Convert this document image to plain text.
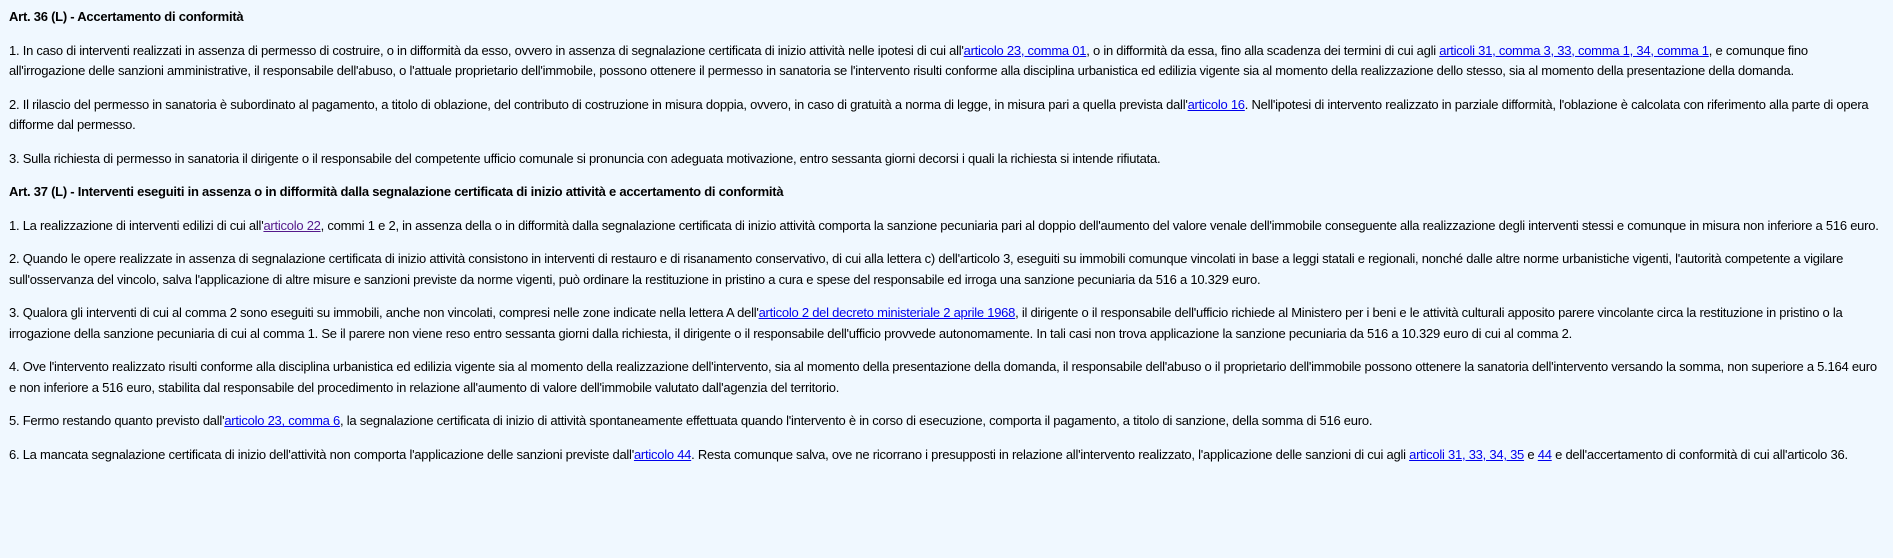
Art. 36 (L) - Accertamento di conformità

1. In caso di interventi realizzati in assenza di permesso di costruire, o in difformità da esso, ovvero in assenza di segnalazione certificata di inizio attività nelle ipotesi di cui all'articolo 23, comma 01, o in difformità da essa, fino alla scadenza dei termini di cui agli articoli 31, comma 3, 33, comma 1, 34, comma 1, e comunque fino all'irrogazione delle sanzioni amministrative, il responsabile dell'abuso, o l'attuale proprietario dell'immobile, possono ottenere il permesso in sanatoria se l'intervento risulti conforme alla disciplina urbanistica ed edilizia vigente sia al momento della realizzazione dello stesso, sia al momento della presentazione della domanda.

2. Il rilascio del permesso in sanatoria è subordinato al pagamento, a titolo di oblazione, del contributo di costruzione in misura doppia, ovvero, in caso di gratuità a norma di legge, in misura pari a quella prevista dall'articolo 16. Nell'ipotesi di intervento realizzato in parziale difformità, l'oblazione è calcolata con riferimento alla parte di opera difforme dal permesso.

3. Sulla richiesta di permesso in sanatoria il dirigente o il responsabile del competente ufficio comunale si pronuncia con adeguata motivazione, entro sessanta giorni decorsi i quali la richiesta si intende rifiutata.

Art. 37 (L) - Interventi eseguiti in assenza o in difformità dalla segnalazione certificata di inizio attività e accertamento di conformità

1. La realizzazione di interventi edilizi di cui all'articolo 22, commi 1 e 2, in assenza della o in difformità dalla segnalazione certificata di inizio attività comporta la sanzione pecuniaria pari al doppio dell'aumento del valore venale dell'immobile conseguente alla realizzazione degli interventi stessi e comunque in misura non inferiore a 516 euro.

2. Quando le opere realizzate in assenza di segnalazione certificata di inizio attività consistono in interventi di restauro e di risanamento conservativo, di cui alla lettera c) dell'articolo 3, eseguiti su immobili comunque vincolati in base a leggi statali e regionali, nonché dalle altre norme urbanistiche vigenti, l'autorità competente a vigilare sull'osservanza del vincolo, salva l'applicazione di altre misure e sanzioni previste da norme vigenti, può ordinare la restituzione in pristino a cura e spese del responsabile ed irroga una sanzione pecuniaria da 516 a 10.329 euro.

3. Qualora gli interventi di cui al comma 2 sono eseguiti su immobili, anche non vincolati, compresi nelle zone indicate nella lettera A dell'articolo 2 del decreto ministeriale 2 aprile 1968, il dirigente o il responsabile dell'ufficio richiede al Ministero per i beni e le attività culturali apposito parere vincolante circa la restituzione in pristino o la irrogazione della sanzione pecuniaria di cui al comma 1. Se il parere non viene reso entro sessanta giorni dalla richiesta, il dirigente o il responsabile dell'ufficio provvede autonomamente. In tali casi non trova applicazione la sanzione pecuniaria da 516 a 10.329 euro di cui al comma 2.

4. Ove l'intervento realizzato risulti conforme alla disciplina urbanistica ed edilizia vigente sia al momento della realizzazione dell'intervento, sia al momento della presentazione della domanda, il responsabile dell'abuso o il proprietario dell'immobile possono ottenere la sanatoria dell'intervento versando la somma, non superiore a 5.164 euro e non inferiore a 516 euro, stabilita dal responsabile del procedimento in relazione all'aumento di valore dell'immobile valutato dall'agenzia del territorio.

5. Fermo restando quanto previsto dall'articolo 23, comma 6, la segnalazione certificata di inizio di attività spontaneamente effettuata quando l'intervento è in corso di esecuzione, comporta il pagamento, a titolo di sanzione, della somma di 516 euro.

6. La mancata segnalazione certificata di inizio dell'attività non comporta l'applicazione delle sanzioni previste dall'articolo 44. Resta comunque salva, ove ne ricorrano i presupposti in relazione all'intervento realizzato, l'applicazione delle sanzioni di cui agli articoli 31, 33, 34, 35 e 44 e dell'accertamento di conformità di cui all'articolo 36.
